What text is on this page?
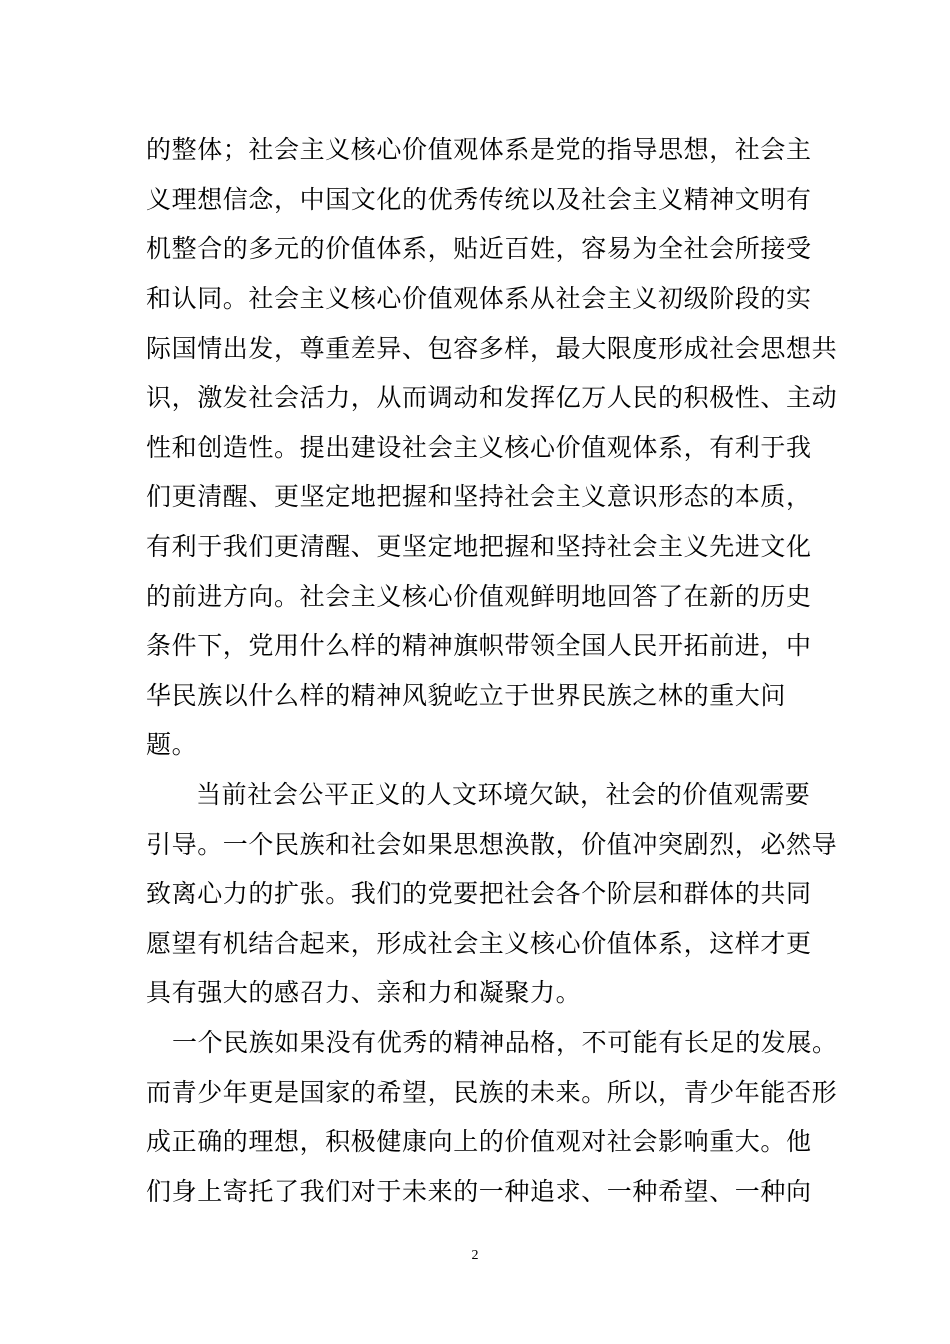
的整体；社会主义核心价值观体系是党的指导思想，社会主
义理想信念，中国文化的优秀传统以及社会主义精神文明有
机整合的多元的价值体系，贴近百姓，容易为全社会所接受
和认同。社会主义核心价值观体系从社会主义初级阶段的实
际国情出发，尊重差异、包容多样，最大限度形成社会思想共
识，激发社会活力，从而调动和发挥亿万人民的积极性、主动
性和创造性。提出建设社会主义核心价值观体系，有利于我
们更清醒、更坚定地把握和坚持社会主义意识形态的本质，
有利于我们更清醒、更坚定地把握和坚持社会主义先进文化
的前进方向。社会主义核心价值观鲜明地回答了在新的历史
条件下，党用什么样的精神旗帜带领全国人民开拓前进，中
华民族以什么样的精神风貌屹立于世界民族之林的重大问
题。
当前社会公平正义的人文环境欠缺，社会的价值观需要
引导。一个民族和社会如果思想涣散，价值冲突剧烈，必然导
致离心力的扩张。我们的党要把社会各个阶层和群体的共同
愿望有机结合起来，形成社会主义核心价值体系，这样才更
具有强大的感召力、亲和力和凝聚力。
一个民族如果没有优秀的精神品格，不可能有长足的发展。
而青少年更是国家的希望，民族的未来。所以，青少年能否形
成正确的理想，积极健康向上的价值观对社会影响重大。他
们身上寄托了我们对于未来的一种追求、一种希望、一种向
2
